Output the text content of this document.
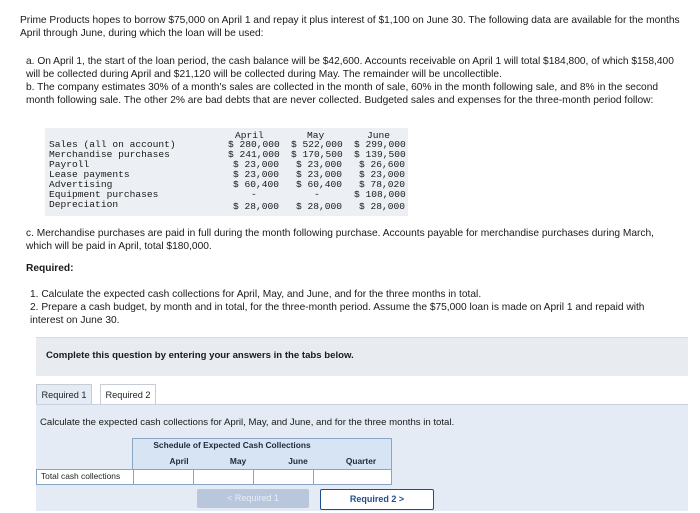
Prime Products hopes to borrow $75,000 on April 1 and repay it plus interest of $1,100 on June 30. The following data are available for the months April through June, during which the loan will be used:
a. On April 1, the start of the loan period, the cash balance will be $42,600. Accounts receivable on April 1 will total $184,800, of which $158,400 will be collected during April and $21,120 will be collected during May. The remainder will be uncollectible.
b. The company estimates 30% of a month's sales are collected in the month of sale, 60% in the month following sale, and 8% in the second month following sale. The other 2% are bad debts that are never collected. Budgeted sales and expenses for the three-month period follow:
April	May	June
Sales (all on account)	$ 280,000 $ 522,000 $ 299,000
Merchandise purchases	$ 241,000 $ 170,500 $ 139,500
Payroll	$ 23,000 $ 23,000 $ 26,600
Lease payments	$ 23,000 $ 23,000 $ 23,000
Advertising	$ 60,400 $ 60,400 $ 78,020
Equipment purchases	-	-	$ 108,000
Depreciation	$ 28,000 $ 28,000 $ 28,000
c. Merchandise purchases are paid in full during the month following purchase. Accounts payable for merchandise purchases during March, which will be paid in April, total $180,000.
Required:
1. Calculate the expected cash collections for April, May, and June, and for the three months in total.
2. Prepare a cash budget, by month and in total, for the three-month period. Assume the $75,000 loan is made on April 1 and repaid with interest on June 30.
Complete this question by entering your answers in the tabs below.
Required 1	Required 2
Calculate the expected cash collections for April, May, and June, and for the three months in total.
Schedule of Expected Cash Collections
April	May	June	Quarter
Total cash collections
< Required 1	Required 2 >
